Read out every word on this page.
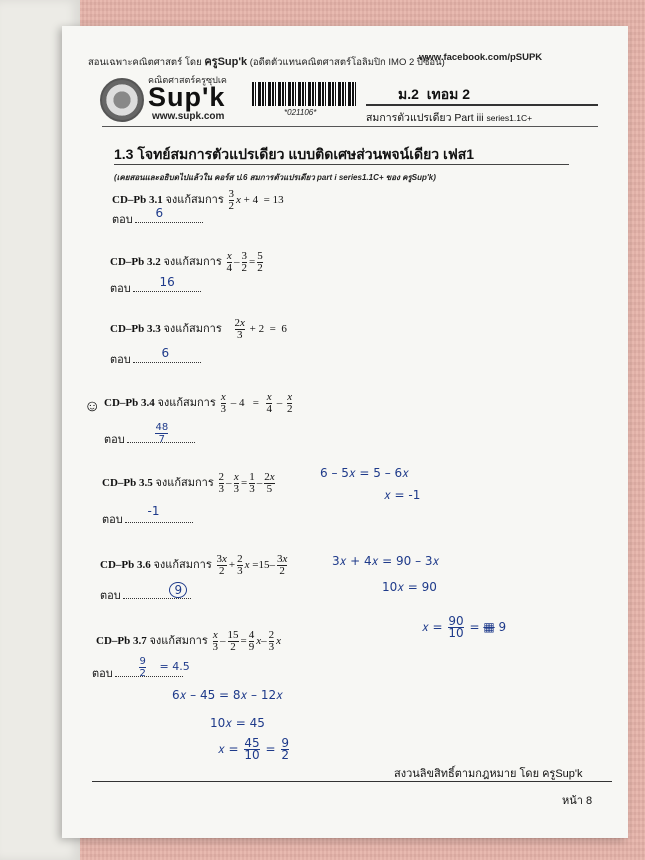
สอนเฉพาะคณิตศาสตร์ โดย ครูSup'k (อดีตตัวแทนคณิตศาสตร์โอลิมปิก IMO 2 ปีซ้อน)
www.facebook.com/pSUPK
คณิตศาสตร์ครูซุปเค
Sup'k
www.supk.com	*021106*
ม.2 เทอม 2
สมการตัวแปรเดียว Part iii series1.1C+
1.3 โจทย์สมการตัวแปรเดียว แบบติดเศษส่วนพจน์เดียว เฟส1
(เคยสอนและอธิบดไปแล้วใน คอร์ส ป.6 สมการตัวแปรเดียว part i series1.1C+ ของ ครูSup'k)
CD–Pb 3.1 จงแก้สมการ $\frac{3}{2}$ x + 4  = 13
ตอบ 6
CD–Pb 3.2 จงแก้สมการ $\frac{x}{4} - \frac{3}{2} = \frac{5}{2}$
ตอบ 16
CD–Pb 3.3 จงแก้สมการ $\frac{2x}{3} + 2 = 6$
ตอบ	6
☺ CD–Pb 3.4 จงแก้สมการ $\frac{x}{3} - 4 = \frac{x}{4} - \frac{x}{2}$
ตอบ
48
7
CD–Pb 3.5 จงแก้สมการ $\frac{2}{3} - \frac{x}{3} = \frac{1}{3} - \frac{2x}{5}$	6 – 5𝑥 = 5 – 6𝑥
𝑥 = -1
ตอบ
-1
CD–Pb 3.6 จงแก้สมการ $\frac{3x}{2} + \frac{2}{3}$ $x =15- \frac{3x}{2}$	3𝑥 + 4𝑥 = 90 – 3𝑥
10𝑥 = 90
𝑥 = $\frac{90}{10}$ = ▦ 9
ตอบ	9
CD–Pb 3.7 จงแก้สมการ $\frac{x}{3} - \frac{15}{2} = \frac{4}{9} x- \frac{2}{3}$ x
ตอบ
9
2
= 4.5
6𝑥 – 45 = 8𝑥 – 12𝑥
10𝑥 = 45
𝑥 = $\frac{45}{10} = \frac{9}{2}$
สงวนลิขสิทธิ์ตามกฎหมาย โดย ครูSup'k
หน้า 8
